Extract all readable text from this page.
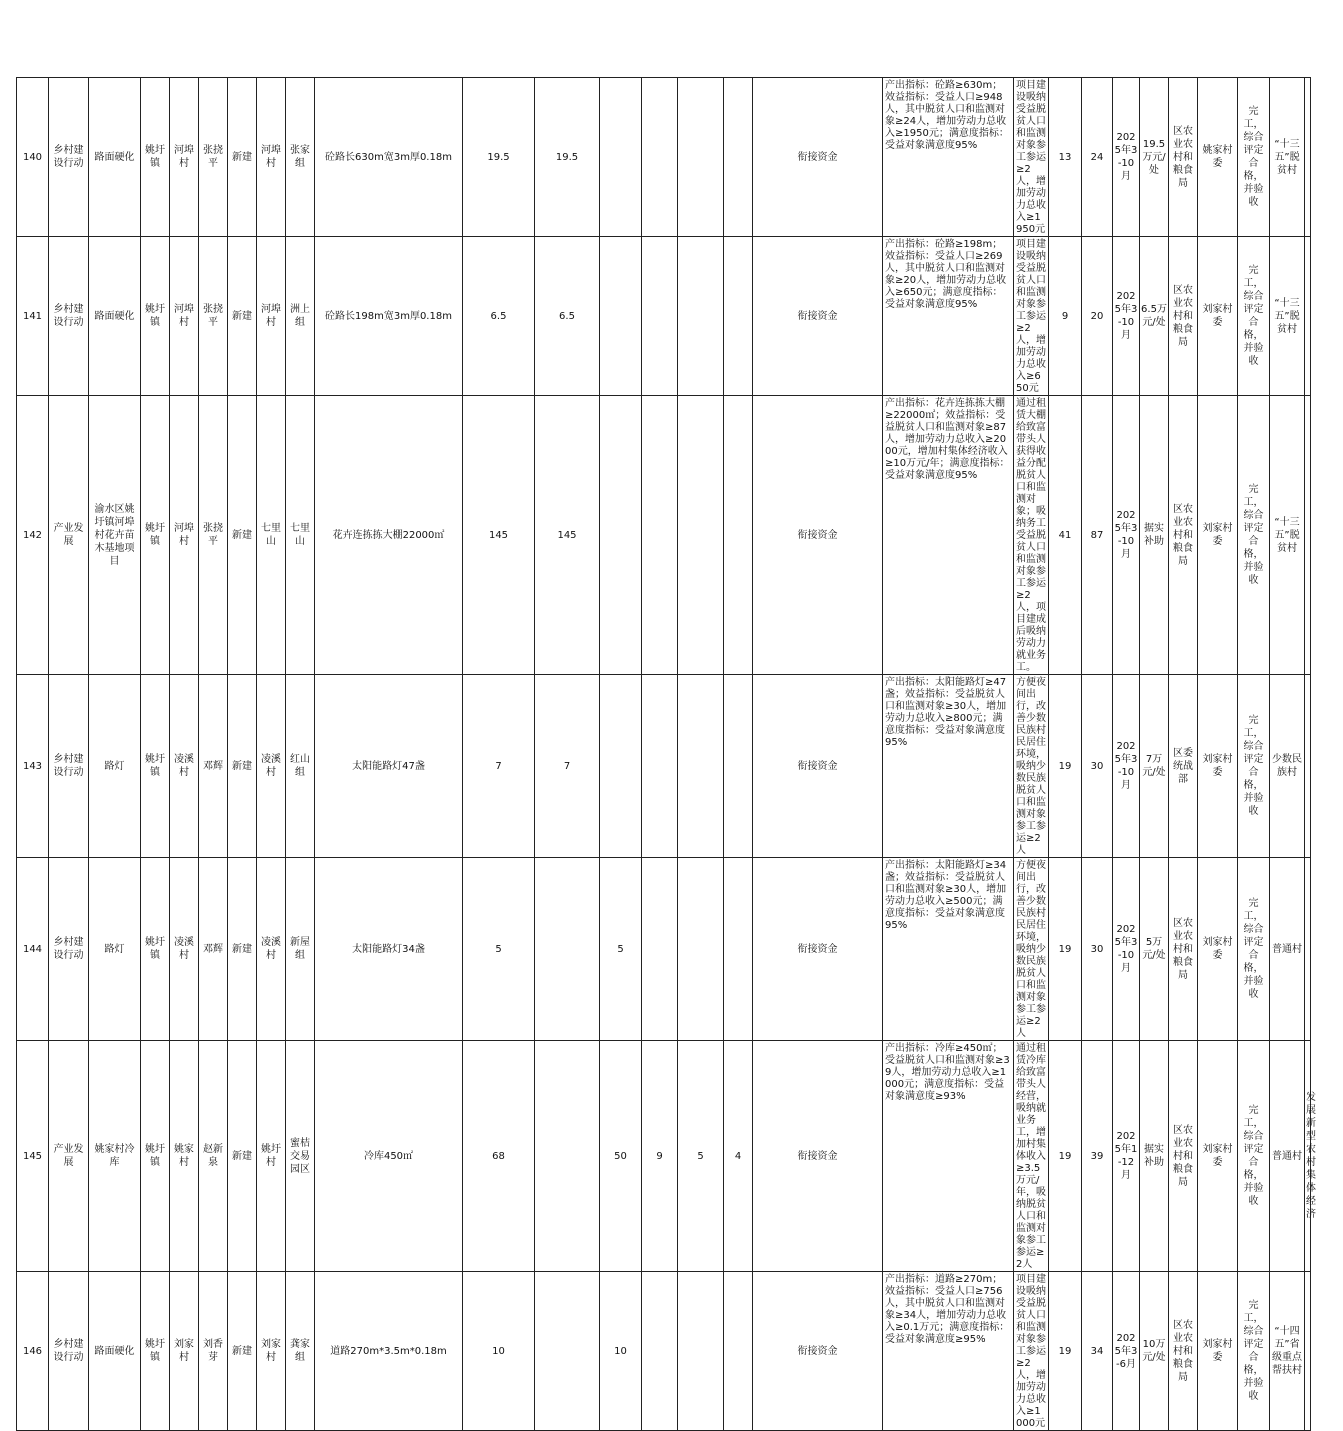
140	乡村建设行动	路面硬化	姚圩镇	河埠村	张挠平	新建	河埠村	张家组	砼路长630m宽3m厚0.18m	19.5	19.5					衔接资金	产出指标：砼路≥630m；效益指标：受益人口≥948人，其中脱贫人口和监测对象≥24人，增加劳动力总收入≥1950元；满意度指标：受益对象满意度95%	项目建设吸纳受益脱贫人口和监测对象参工参运≥2人，增加劳动力总收入≥1950元	13	24	2025年3-10月	19.5万元/处	区农业农村和粮食局	姚家村委	完工，综合评定合格，并验收	“十三五”脱贫村	
141	乡村建设行动	路面硬化	姚圩镇	河埠村	张挠平	新建	河埠村	洲上组	砼路长198m宽3m厚0.18m	6.5	6.5					衔接资金	产出指标：砼路≥198m；效益指标：受益人口≥269人，其中脱贫人口和监测对象≥20人，增加劳动力总收入≥650元；满意度指标：受益对象满意度95%	项目建设吸纳受益脱贫人口和监测对象参工参运≥2人，增加劳动力总收入≥650元	9	20	2025年3-10月	6.5万元/处	区农业农村和粮食局	刘家村委	完工，综合评定合格，并验收	“十三五”脱贫村	
142	产业发展	渝水区姚圩镇河埠村花卉苗木基地项目	姚圩镇	河埠村	张挠平	新建	七里山	七里山	花卉连拣拣大棚22000㎡	145	145					衔接资金	产出指标：花卉连拣拣大棚≥22000㎡；效益指标：受益脱贫人口和监测对象≥87人，增加劳动力总收入≥2000元，增加村集体经济收入≥10万元/年；满意度指标：受益对象满意度95%	通过租赁大棚给致富带头人获得收益分配脱贫人口和监测对象；吸纳务工受益脱贫人口和监测对象参工参运≥2人，项目建成后吸纳劳动力就业务工。	41	87	2025年3-10月	据实补助	区农业农村和粮食局	刘家村委	完工，综合评定合格，并验收	“十三五”脱贫村	
143	乡村建设行动	路灯	姚圩镇	凌溪村	邓辉	新建	凌溪村	红山组	太阳能路灯47盏	7	7					衔接资金	产出指标：太阳能路灯≥47盏；效益指标：受益脱贫人口和监测对象≥30人，增加劳动力总收入≥800元；满意度指标：受益对象满意度95%	方便夜间出行，改善少数民族村民居住环境，吸纳少数民族脱贫人口和监测对象参工参运≥2人	19	30	2025年3-10月	7万元/处	区委统战部	刘家村委	完工，综合评定合格，并验收	少数民族村	
144	乡村建设行动	路灯	姚圩镇	凌溪村	邓辉	新建	凌溪村	新屋组	太阳能路灯34盏	5		5				衔接资金	产出指标：太阳能路灯≥34盏；效益指标：受益脱贫人口和监测对象≥30人，增加劳动力总收入≥500元；满意度指标：受益对象满意度95%	方便夜间出行，改善少数民族村民居住环境，吸纳少数民族脱贫人口和监测对象参工参运≥2人	19	30	2025年3-10月	5万元/处	区农业农村和粮食局	刘家村委	完工，综合评定合格，并验收	普通村	
145	产业发展	姚家村冷库	姚圩镇	姚家村	赵新泉	新建	姚圩村	蜜桔交易园区	冷库450㎡	68		50	9	5	4	衔接资金	产出指标：冷库≥450㎡；受益脱贫人口和监测对象≥39人，增加劳动力总收入≥1000元；满意度指标：受益对象满意度≥93%	通过租赁冷库给致富带头人经营，吸纳就业务工，增加村集体收入≥3.5万元/年，吸纳脱贫人口和监测对象参工参运≥2人	19	39	2025年1-12月	据实补助	区农业农村和粮食局	刘家村委	完工，综合评定合格，并验收	普通村	发展新型农村集体经济
146	乡村建设行动	路面硬化	姚圩镇	刘家村	刘香芽	新建	刘家村	龚家组	道路270m*3.5m*0.18m	10		10				衔接资金	产出指标：道路≥270m；效益指标：受益人口≥756人，其中脱贫人口和监测对象≥34人，增加劳动力总收入≥0.1万元；满意度指标：受益对象满意度≥95%	项目建设吸纳受益脱贫人口和监测对象参工参运≥2人，增加劳动力总收入≥1000元	19	34	2025年3-6月	10万元/处	区农业农村和粮食局	刘家村委	完工，综合评定合格，并验收	“十四五”省级重点帮扶村	
